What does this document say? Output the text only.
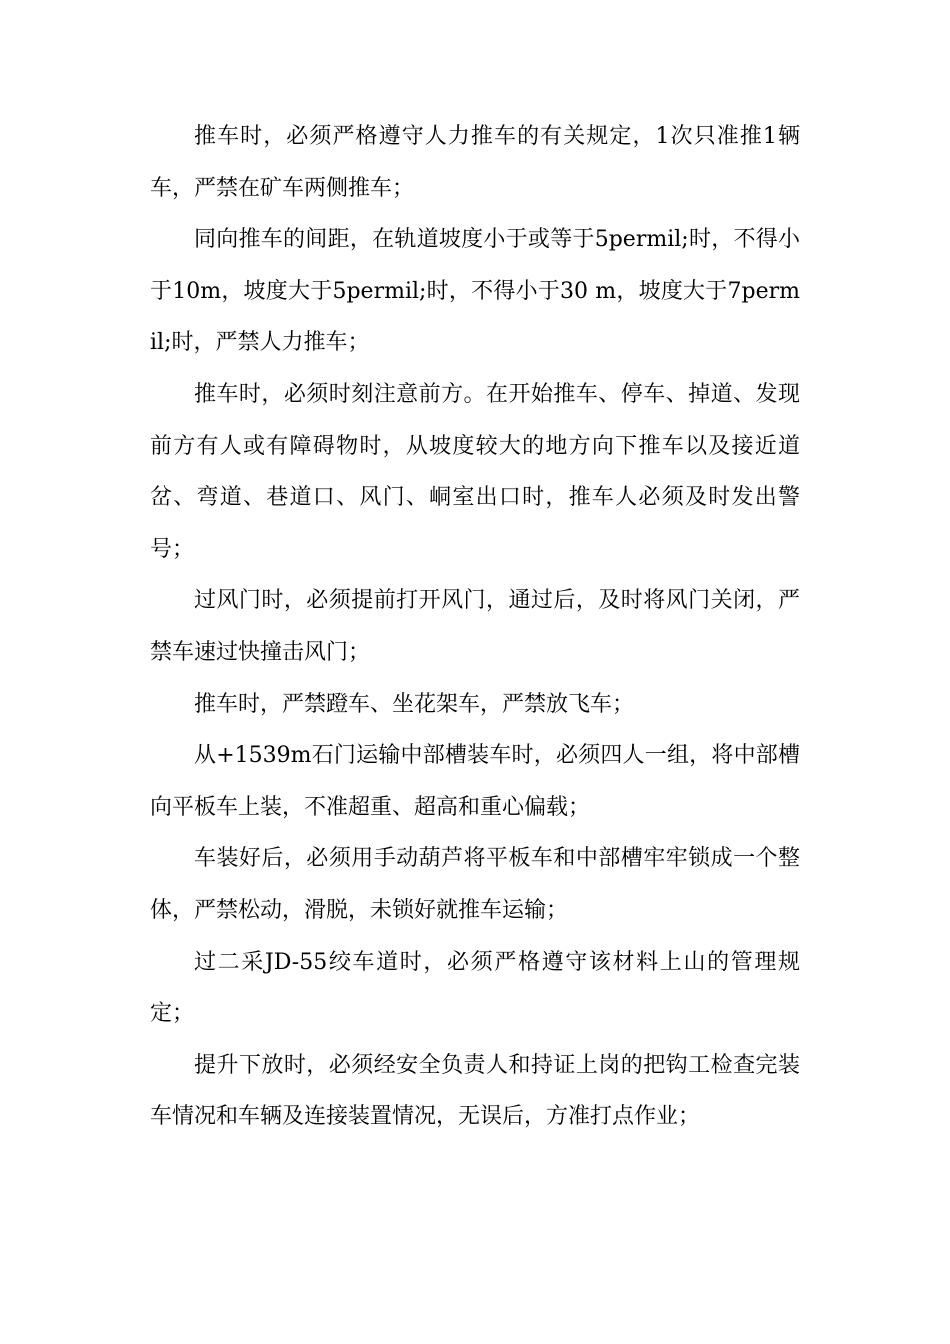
推车时，必须严格遵守人力推车的有关规定，1次只准推1辆车，严禁在矿车两侧推车；

同向推车的间距，在轨道坡度小于或等于5permil;时，不得小于10m，坡度大于5permil;时，不得小于30 m，坡度大于7permil;时，严禁人力推车；

推车时，必须时刻注意前方。在开始推车、停车、掉道、发现前方有人或有障碍物时，从坡度较大的地方向下推车以及接近道岔、弯道、巷道口、风门、峒室出口时，推车人必须及时发出警号；

过风门时，必须提前打开风门，通过后，及时将风门关闭，严禁车速过快撞击风门；

推车时，严禁蹬车、坐花架车，严禁放飞车；

从+1539m石门运输中部槽装车时，必须四人一组，将中部槽向平板车上装，不准超重、超高和重心偏载；

车装好后，必须用手动葫芦将平板车和中部槽牢牢锁成一个整体，严禁松动，滑脱，未锁好就推车运输；

过二采JD-55绞车道时，必须严格遵守该材料上山的管理规定；

提升下放时，必须经安全负责人和持证上岗的把钩工检查完装车情况和车辆及连接装置情况，无误后，方准打点作业；
